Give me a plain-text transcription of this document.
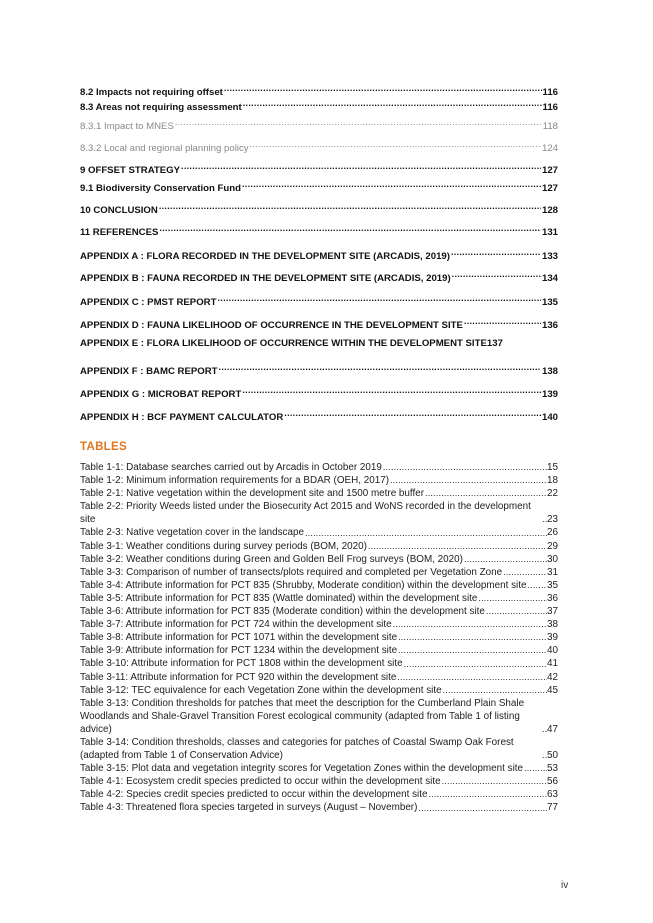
8.2 Impacts not requiring offset .....	116
8.3 Areas not requiring assessment .....	116
8.3.1 Impact to MNES .....	118
8.3.2 Local and regional planning policy .....	124
9 OFFSET STRATEGY .....	127
9.1 Biodiversity Conservation Fund .....	127
10 CONCLUSION .....	128
11 REFERENCES .....	131
APPENDIX A : FLORA RECORDED IN THE DEVELOPMENT SITE (ARCADIS, 2019) .....	133
APPENDIX B : FAUNA RECORDED IN THE DEVELOPMENT SITE (ARCADIS, 2019) .....	134
APPENDIX C : PMST REPORT .....	135
APPENDIX D : FAUNA LIKELIHOOD OF OCCURRENCE IN THE DEVELOPMENT SITE .....	136
APPENDIX E : FLORA LIKELIHOOD OF OCCURRENCE WITHIN THE DEVELOPMENT SITE 137
APPENDIX F : BAMC REPORT .....	138
APPENDIX G : MICROBAT REPORT .....	139
APPENDIX H : BCF PAYMENT CALCULATOR .....	140
TABLES
Table 1-1: Database searches carried out by Arcadis in October 2019 .....	15
Table 1-2: Minimum information requirements for a BDAR (OEH, 2017) .....	18
Table 2-1: Native vegetation within the development site and 1500 metre buffer .....	22
Table 2-2: Priority Weeds listed under the Biosecurity Act 2015 and WoNS recorded in the development site .....	23
Table 2-3: Native vegetation cover in the landscape .....	26
Table 3-1: Weather conditions during survey periods (BOM, 2020) .....	29
Table 3-2: Weather conditions during Green and Golden Bell Frog surveys (BOM, 2020) .....	30
Table 3-3: Comparison of number of transects/plots required and completed per Vegetation Zone .....	31
Table 3-4: Attribute information for PCT 835 (Shrubby, Moderate condition) within the development site ..... 35
Table 3-5: Attribute information for PCT 835 (Wattle dominated) within the development site .....	36
Table 3-6: Attribute information for PCT 835 (Moderate condition) within the development site .....	37
Table 3-7: Attribute information for PCT 724 within the development site .....	38
Table 3-8: Attribute information for PCT 1071 within the development site .....	39
Table 3-9: Attribute information for PCT 1234 within the development site .....	40
Table 3-10: Attribute information for PCT 1808 within the development site .....	41
Table 3-11: Attribute information for PCT 920 within the development site .....	42
Table 3-12: TEC equivalence for each Vegetation Zone within the development site .....	45
Table 3-13: Condition thresholds for patches that meet the description for the Cumberland Plain Shale Woodlands and Shale-Gravel Transition Forest ecological community (adapted from Table 1 of listing advice) .....	47
Table 3-14: Condition thresholds, classes and categories for patches of Coastal Swamp Oak Forest (adapted from Table 1 of Conservation Advice) .....	50
Table 3-15: Plot data and vegetation integrity scores for Vegetation Zones within the development site ..... 53
Table 4-1: Ecosystem credit species predicted to occur within the development site .....	56
Table 4-2: Species credit species predicted to occur within the development site .....	63
Table 4-3: Threatened flora species targeted in surveys (August – November) .....	77
iv
